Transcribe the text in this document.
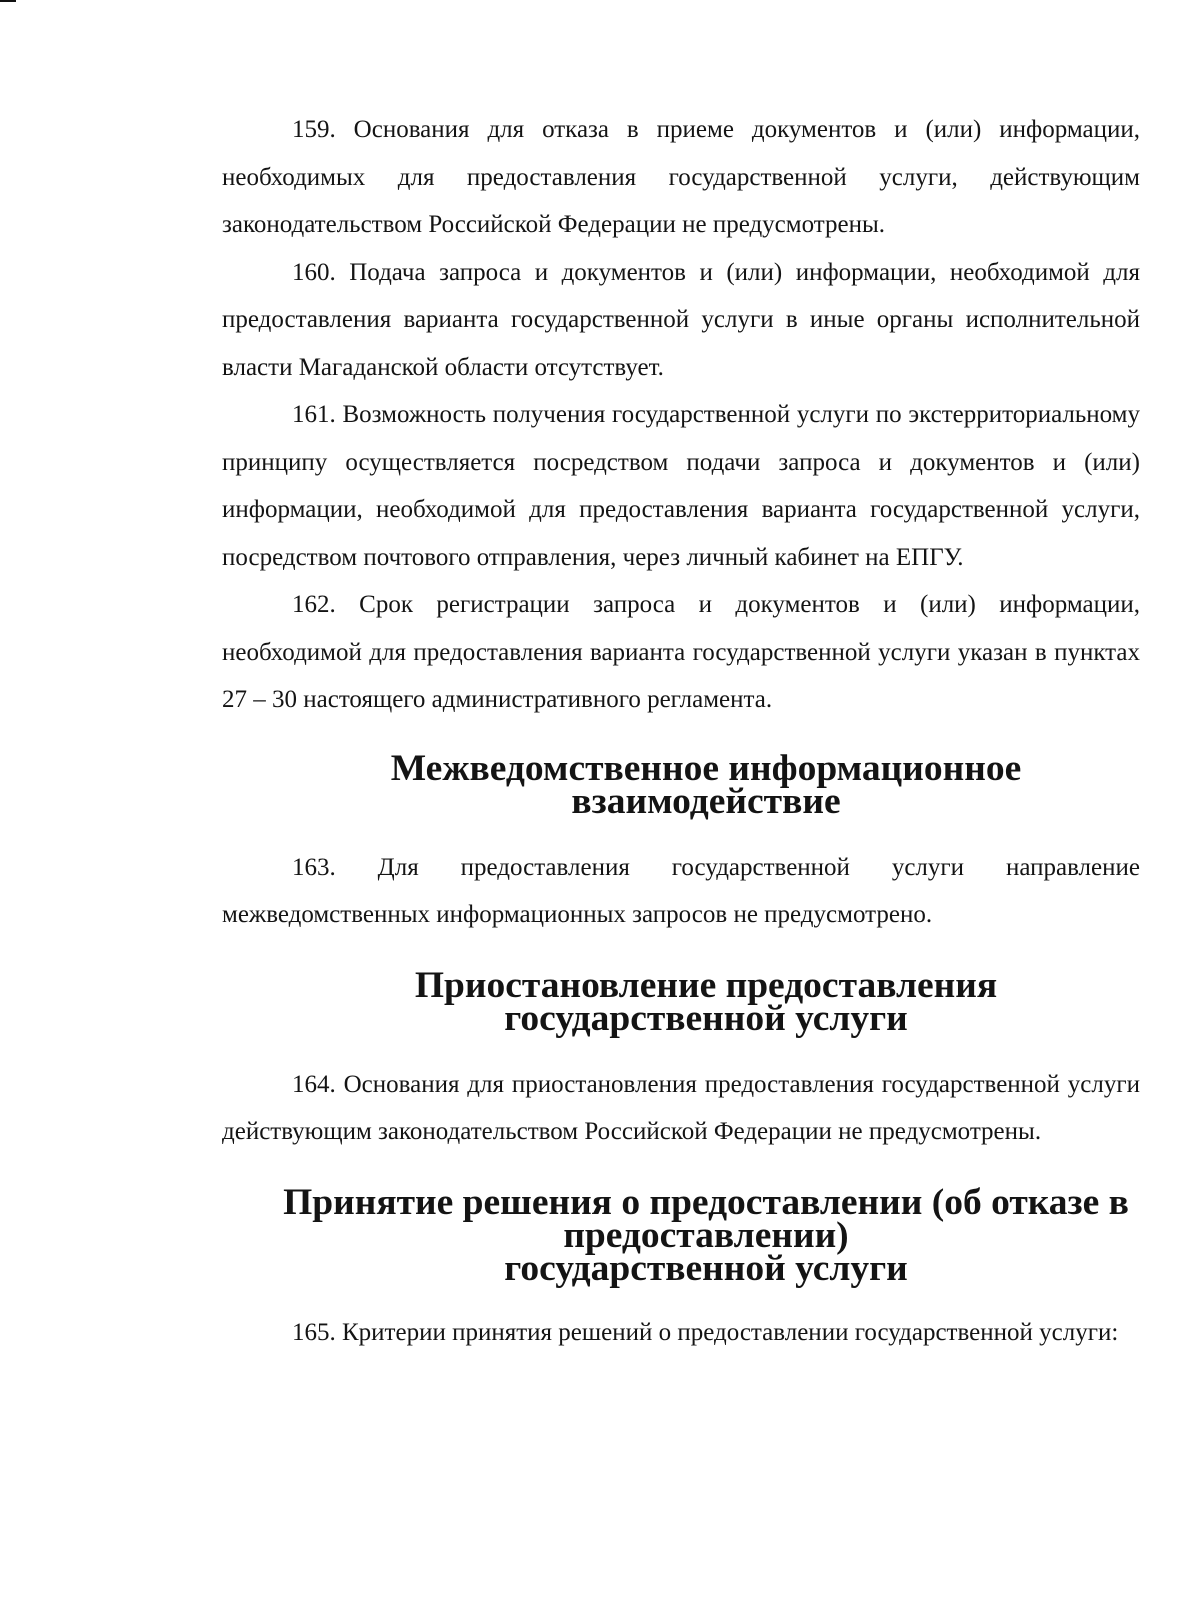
159. Основания для отказа в приеме документов и (или) информации, необходимых для предоставления государственной услуги, действующим законодательством Российской Федерации не предусмотрены.

160. Подача запроса и документов и (или) информации, необходимой для предоставления варианта государственной услуги в иные органы исполнительной власти Магаданской области отсутствует.

161. Возможность получения государственной услуги по экстерриториальному принципу осуществляется посредством подачи запроса и документов и (или) информации, необходимой для предоставления варианта государственной услуги, посредством почтового отправления, через личный кабинет на ЕПГУ.

162. Срок регистрации запроса и документов и (или) информации, необходимой для предоставления варианта государственной услуги указан в пунктах 27 – 30 настоящего административного регламента.

Межведомственное информационное взаимодействие

163. Для предоставления государственной услуги направление межведомственных информационных запросов не предусмотрено.

Приостановление предоставления государственной услуги

164. Основания для приостановления предоставления государственной услуги действующим законодательством Российской Федерации не предусмотрены.

Принятие решения о предоставлении (об отказе в предоставлении)
государственной услуги

165. Критерии принятия решений о предоставлении государственной услуги:
